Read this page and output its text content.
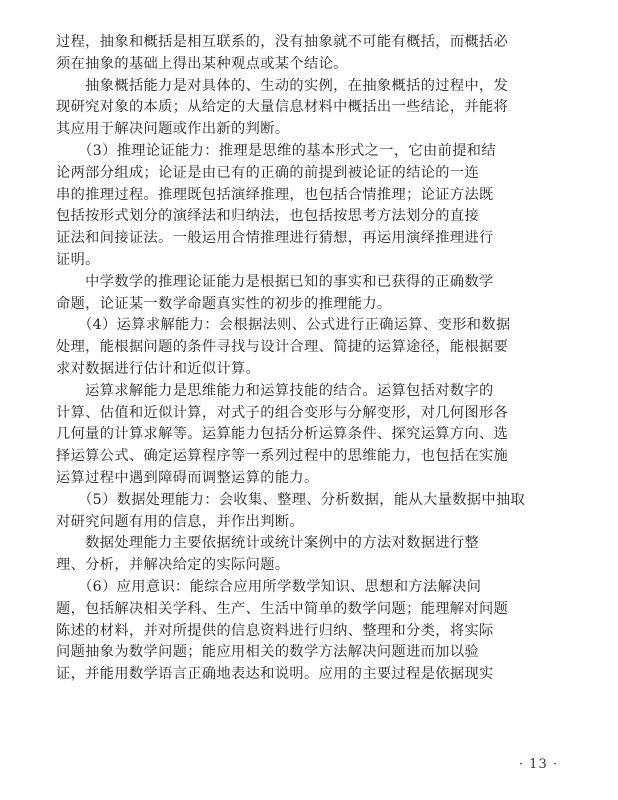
过程，抽象和概括是相互联系的，没有抽象就不可能有概括，而概括必
须在抽象的基础上得出某种观点或某个结论。
　　抽象概括能力是对具体的、生动的实例，在抽象概括的过程中，发
现研究对象的本质；从给定的大量信息材料中概括出一些结论，并能将
其应用于解决问题或作出新的判断。
　　（3）推理论证能力：推理是思维的基本形式之一，它由前提和结
论两部分组成；论证是由已有的正确的前提到被论证的结论的一连
串的推理过程。推理既包括演绎推理，也包括合情推理；论证方法既
包括按形式划分的演绎法和归纳法，也包括按思考方法划分的直接
证法和间接证法。一般运用合情推理进行猜想，再运用演绎推理进行
证明。
　　中学数学的推理论证能力是根据已知的事实和已获得的正确数学
命题，论证某一数学命题真实性的初步的推理能力。
　　（4）运算求解能力：会根据法则、公式进行正确运算、变形和数据
处理，能根据问题的条件寻找与设计合理、简捷的运算途径，能根据要
求对数据进行估计和近似计算。
　　运算求解能力是思维能力和运算技能的结合。运算包括对数字的
计算、估值和近似计算，对式子的组合变形与分解变形，对几何图形各
几何量的计算求解等。运算能力包括分析运算条件、探究运算方向、选
择运算公式、确定运算程序等一系列过程中的思维能力，也包括在实施
运算过程中遇到障碍而调整运算的能力。
　　（5）数据处理能力：会收集、整理、分析数据，能从大量数据中抽取
对研究问题有用的信息，并作出判断。
　　数据处理能力主要依据统计或统计案例中的方法对数据进行整
理、分析，并解决给定的实际问题。
　　（6）应用意识：能综合应用所学数学知识、思想和方法解决问
题，包括解决相关学科、生产、生活中简单的数学问题；能理解对问题
陈述的材料，并对所提供的信息资料进行归纳、整理和分类，将实际
问题抽象为数学问题；能应用相关的数学方法解决问题进而加以验
证，并能用数学语言正确地表达和说明。应用的主要过程是依据现实
· 13 ·
